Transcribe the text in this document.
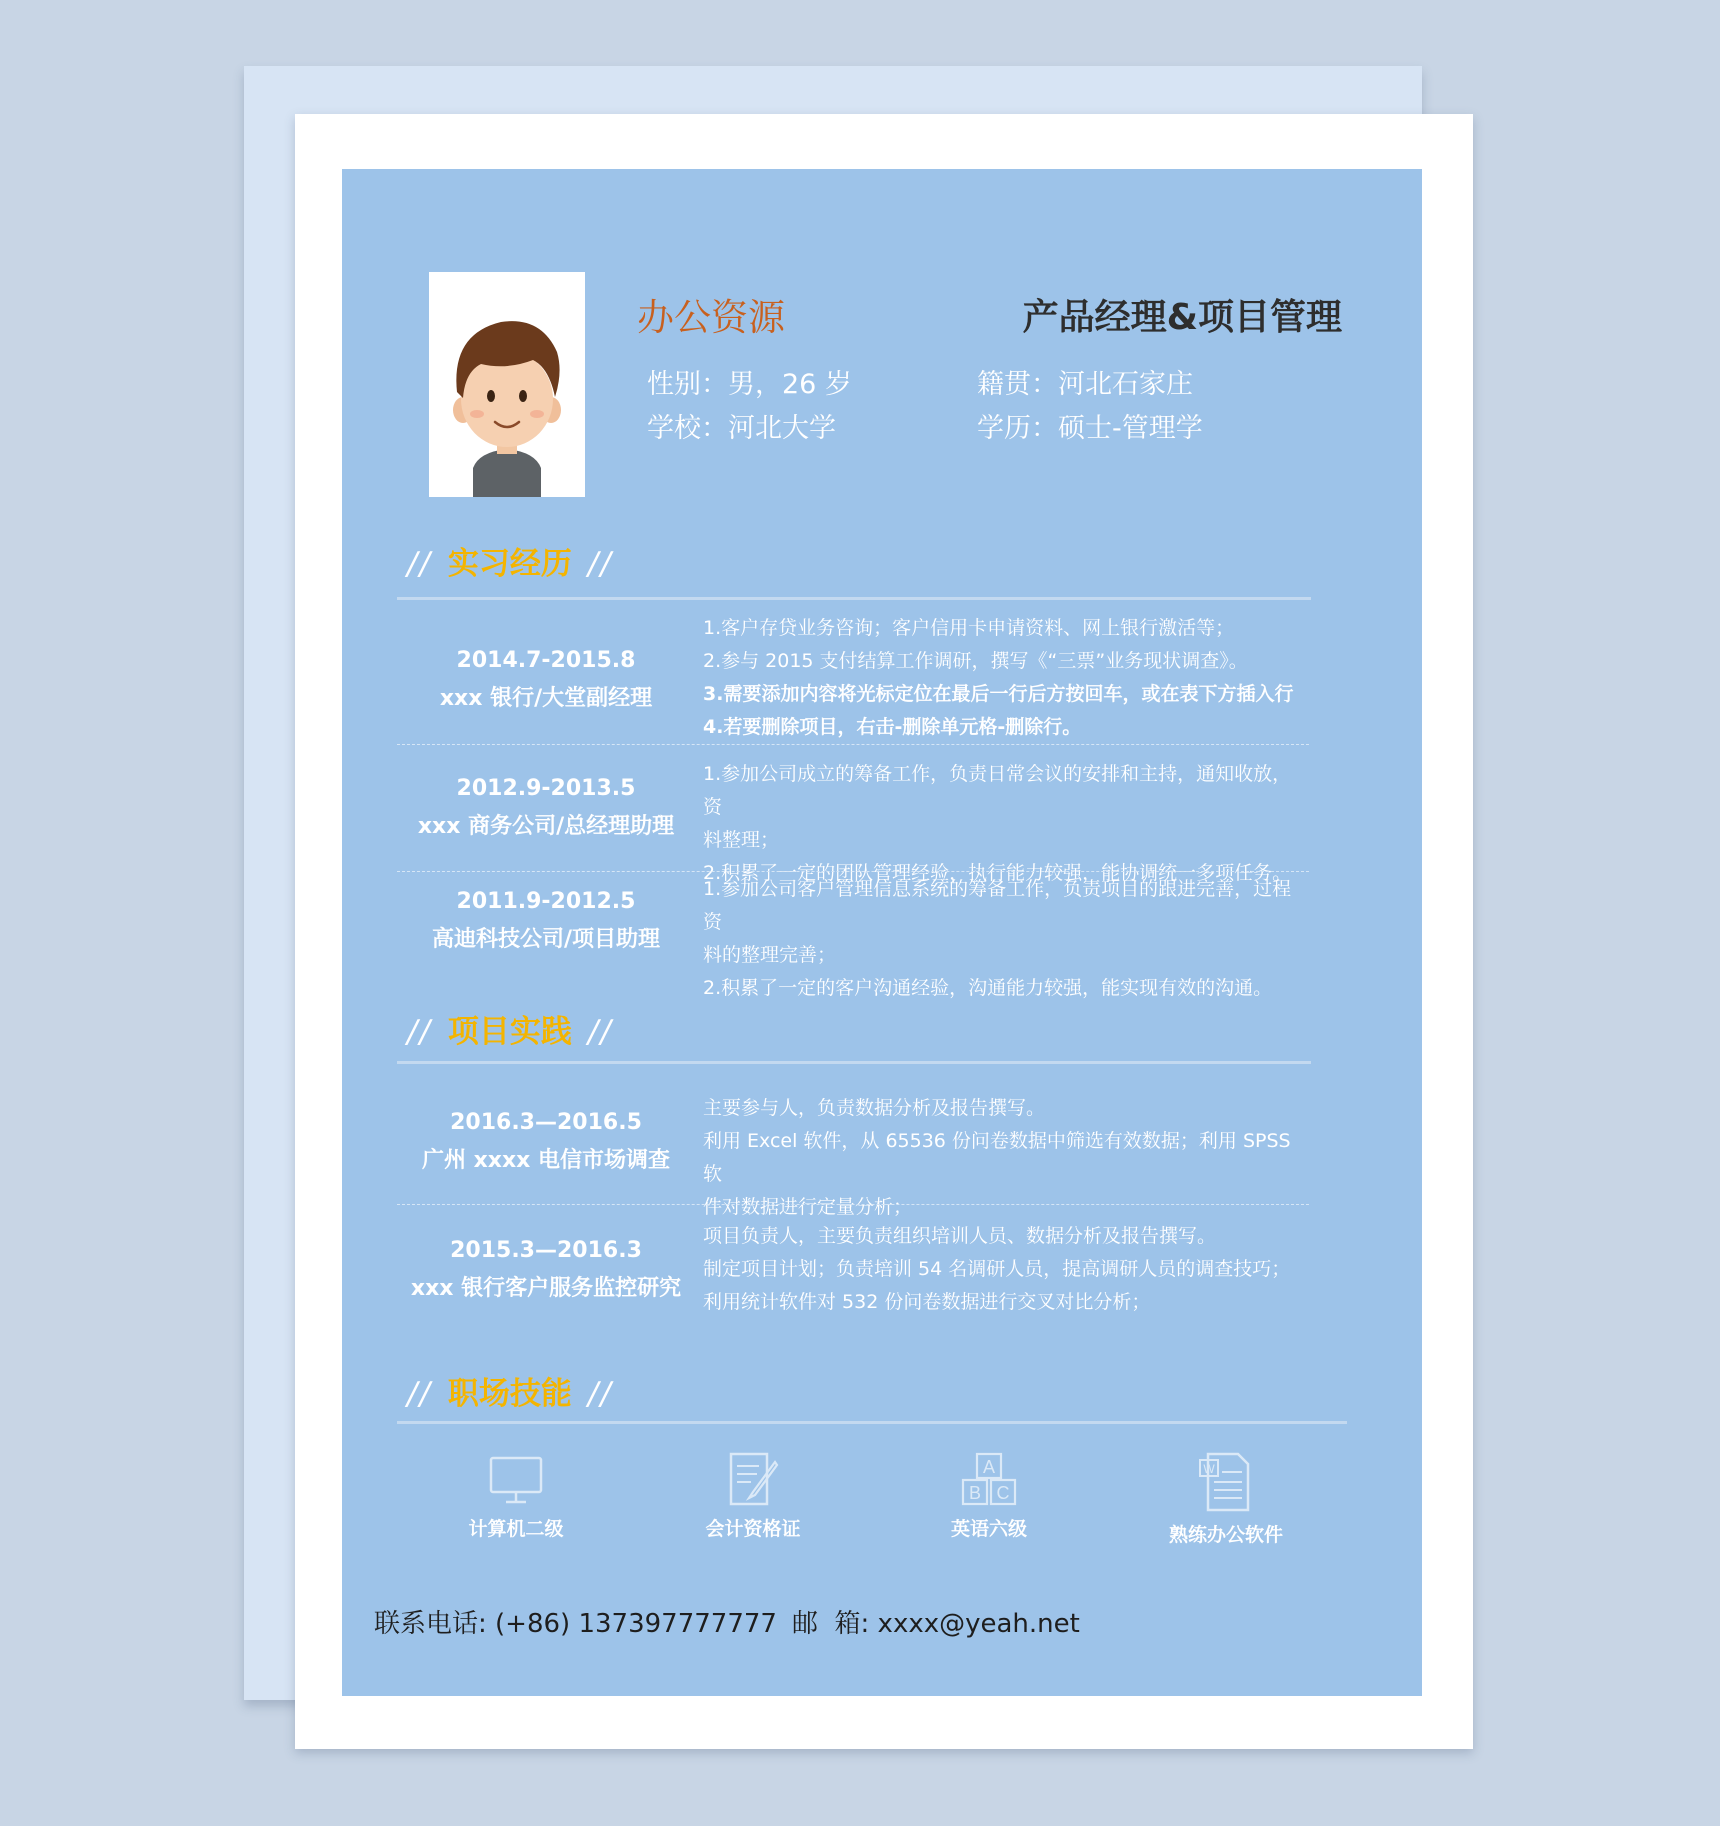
办公资源	产品经理&项目管理
性别：男，26 岁	籍贯：河北石家庄
学校：河北大学	学历：硕士-管理学
// 实习经历 //
2014.7-2015.8
xxx 银行/大堂副经理
1.客户存贷业务咨询；客户信用卡申请资料、网上银行激活等；
2.参与 2015 支付结算工作调研，撰写《“三票”业务现状调查》。
3.需要添加内容将光标定位在最后一行后方按回车，或在表下方插入行
4.若要删除项目，右击-删除单元格-删除行。
2012.9-2013.5
xxx 商务公司/总经理助理
1.参加公司成立的筹备工作，负责日常会议的安排和主持，通知收放，资
料整理；
2.积累了一定的团队管理经验，执行能力较强，能协调统一多项任务。
2011.9-2012.5
高迪科技公司/项目助理
1.参加公司客户管理信息系统的筹备工作，负责项目的跟进完善，过程资
料的整理完善；
2.积累了一定的客户沟通经验，沟通能力较强，能实现有效的沟通。
// 项目实践 //
2016.3—2016.5
广州 xxxx 电信市场调查
主要参与人，负责数据分析及报告撰写。
利用 Excel 软件，从 65536 份问卷数据中筛选有效数据；利用 SPSS 软
件对数据进行定量分析；
2015.3—2016.3
xxx 银行客户服务监控研究
项目负责人，主要负责组织培训人员、数据分析及报告撰写。
制定项目计划；负责培训 54 名调研人员，提高调研人员的调查技巧；
利用统计软件对 532 份问卷数据进行交叉对比分析；
// 职场技能 //
计算机二级	会计资格证
A
B C
英语六级
W
熟练办公软件
联系电话: (+86) 137397777777 邮  箱: xxxx@yeah.net
